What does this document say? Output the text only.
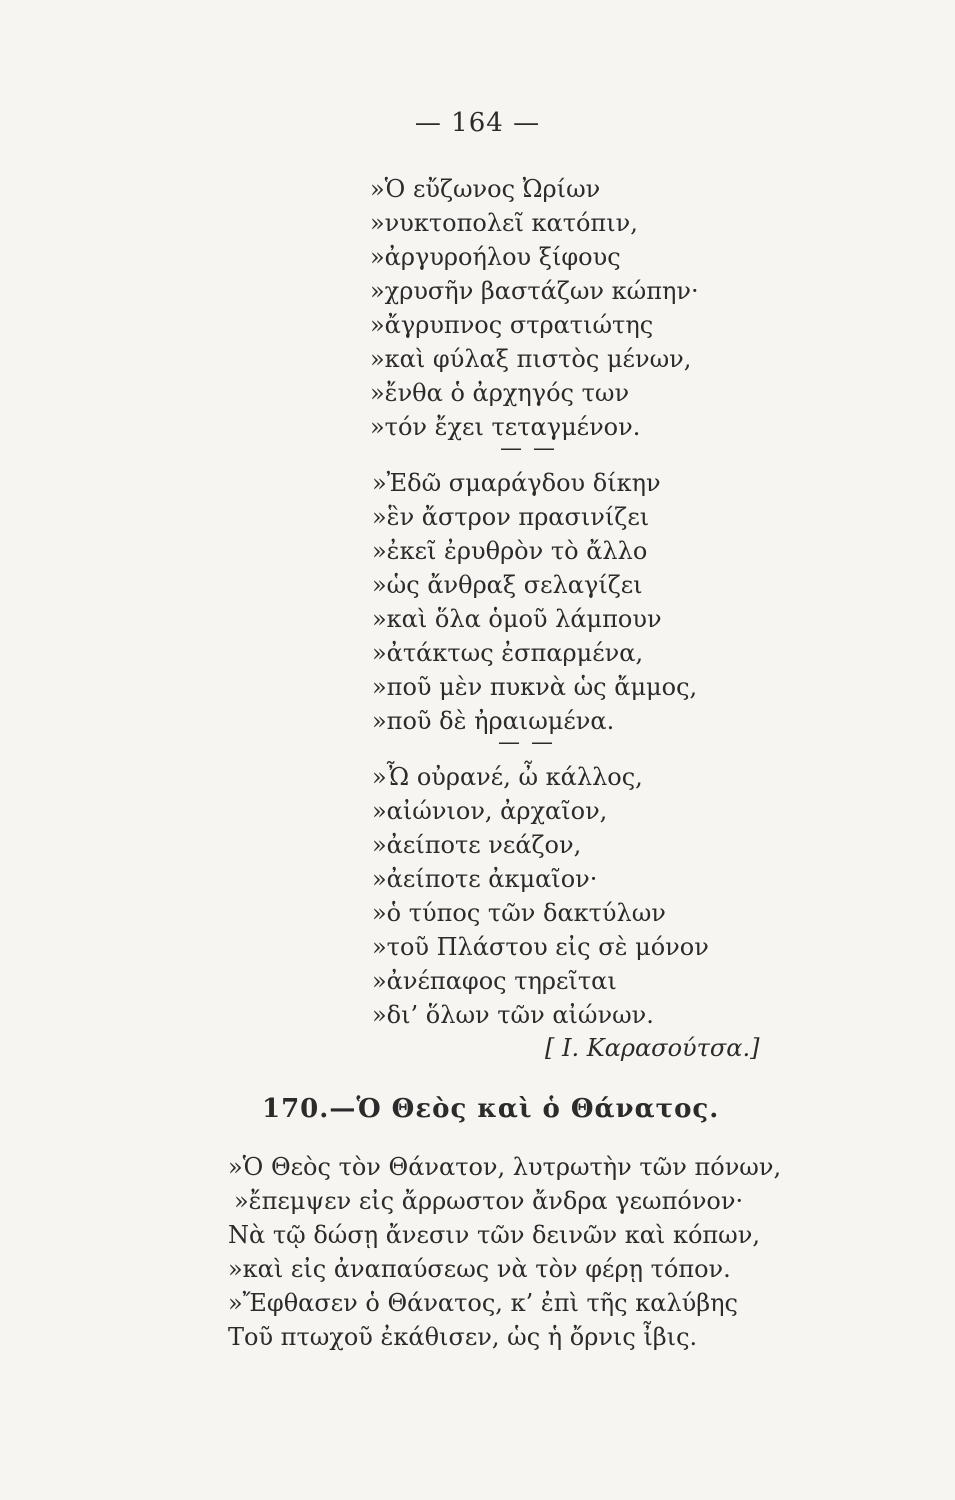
— 164 —
»Ὁ εὔζωνος Ὠρίων
»νυκτοπολεῖ κατόπιν,
»ἀργυροήλου ξίφους
»χρυσῆν βαστάζων κώπην·
»ἄγρυπνος στρατιώτης
»καὶ φύλαξ πιστὸς μένων,
»ἔνθα ὁ ἀρχηγός των
»τόν ἔχει τεταγμένον.
— —
»Ἐδῶ σμαράγδου δίκην
»ἓν ἄστρον πρασινίζει
»ἐκεῖ ἐρυθρὸν τὸ ἄλλο
»ὡς ἄνθραξ σελαγίζει
»καὶ ὅλα ὁμοῦ λάμπουν
»ἀτάκτως ἐσπαρμένα,
»ποῦ μὲν πυκνὰ ὡς ἄμμος,
»ποῦ δὲ ἠραιωμένα.
— —
»Ὦ οὐρανέ, ὦ κάλλος,
»αἰώνιον, ἀρχαῖον,
»ἀείποτε νεάζον,
»ἀείποτε ἀκμαῖον·
»ὁ τύπος τῶν δακτύλων
»τοῦ Πλάστου εἰς σὲ μόνον
»ἀνέπαφος τηρεῖται
»δι’ ὅλων τῶν αἰώνων.
[ Ι. Καρασούτσα.]
170.—Ὁ Θεὸς καὶ ὁ Θάνατος.
»Ὁ Θεὸς τὸν Θάνατον, λυτρωτὴν τῶν πόνων,
»ἔπεμψεν εἰς ἄρρωστον ἄνδρα γεωπόνον·
Νὰ τῷ δώσῃ ἄνεσιν τῶν δεινῶν καὶ κόπων,
»καὶ εἰς ἀναπαύσεως νὰ τὸν φέρῃ τόπον.
»Ἔφθασεν ὁ Θάνατος, κ’ ἐπὶ τῆς καλύβης
Τοῦ πτωχοῦ ἐκάθισεν, ὡς ἡ ὄρνις ἶβις.
